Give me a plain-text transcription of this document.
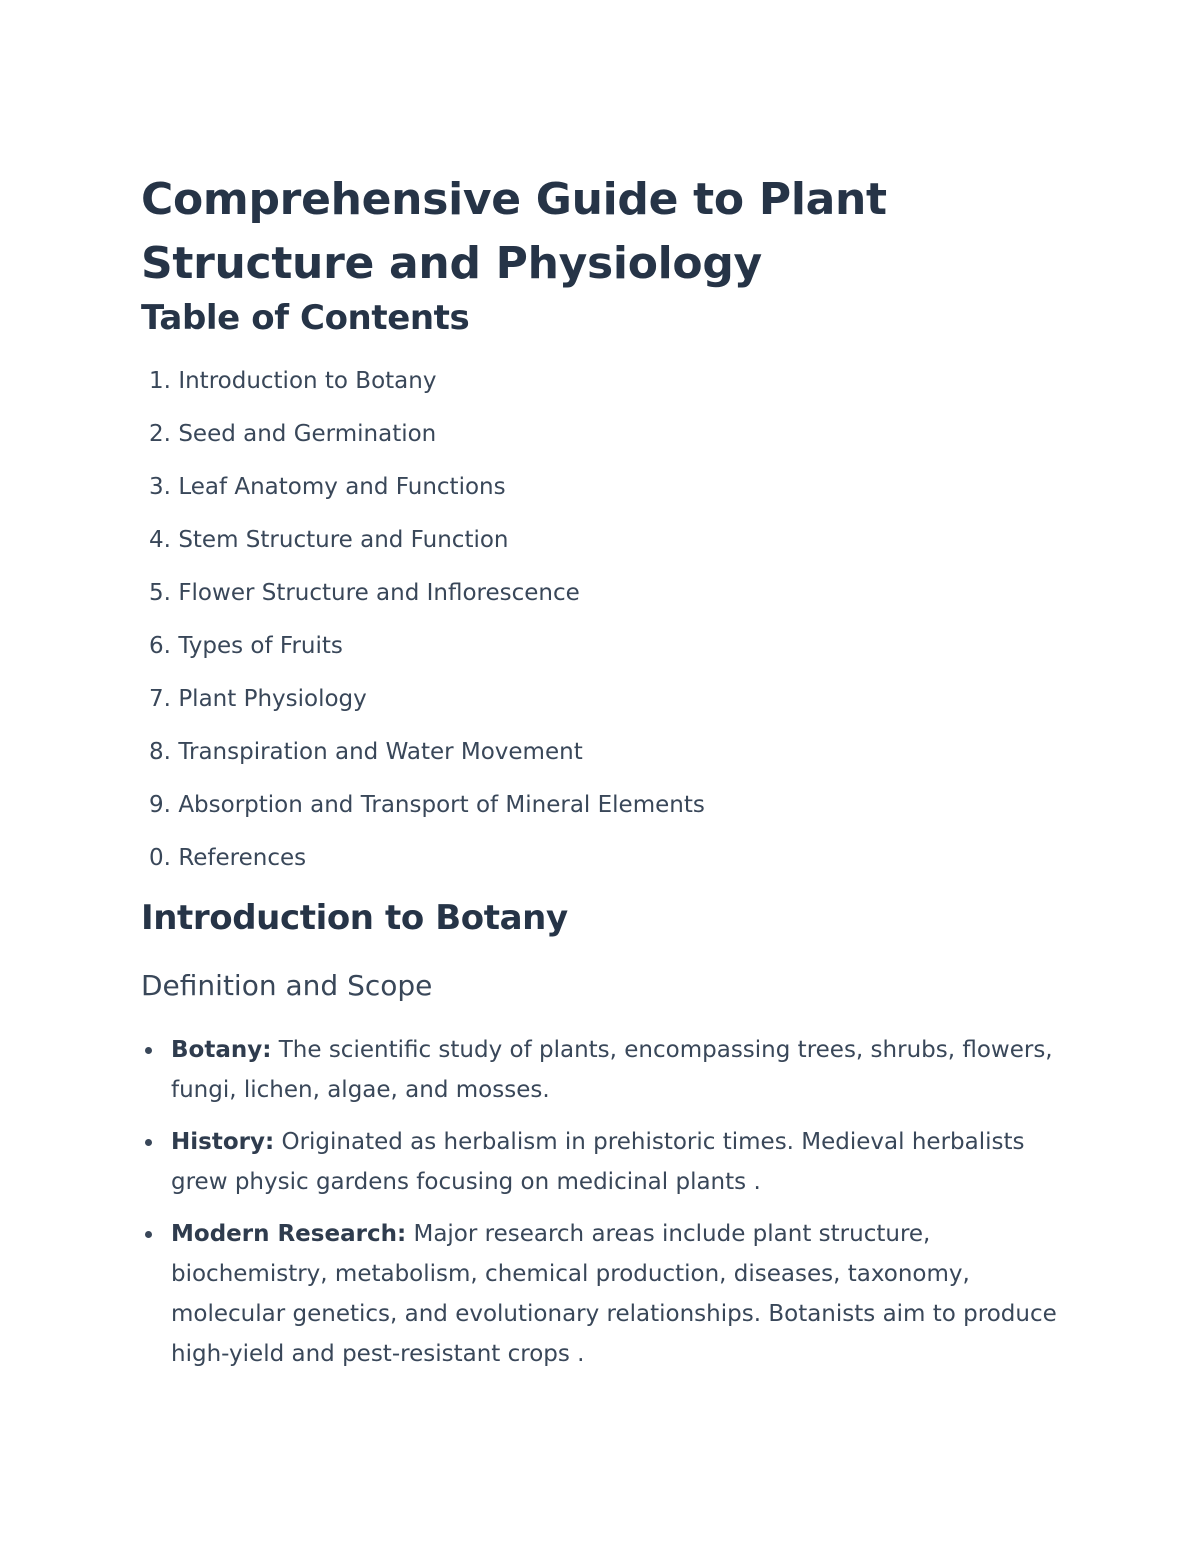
Comprehensive Guide to Plant Structure and Physiology
Table of Contents
1. Introduction to Botany
2. Seed and Germination
3. Leaf Anatomy and Functions
4. Stem Structure and Function
5. Flower Structure and Inflorescence
6. Types of Fruits
7. Plant Physiology
8. Transpiration and Water Movement
9. Absorption and Transport of Mineral Elements
0. References
Introduction to Botany
Definition and Scope
Botany: The scientific study of plants, encompassing trees, shrubs, flowers, fungi, lichen, algae, and mosses.
History: Originated as herbalism in prehistoric times. Medieval herbalists grew physic gardens focusing on medicinal plants .
Modern Research: Major research areas include plant structure, biochemistry, metabolism, chemical production, diseases, taxonomy, molecular genetics, and evolutionary relationships. Botanists aim to produce high-yield and pest-resistant crops .
